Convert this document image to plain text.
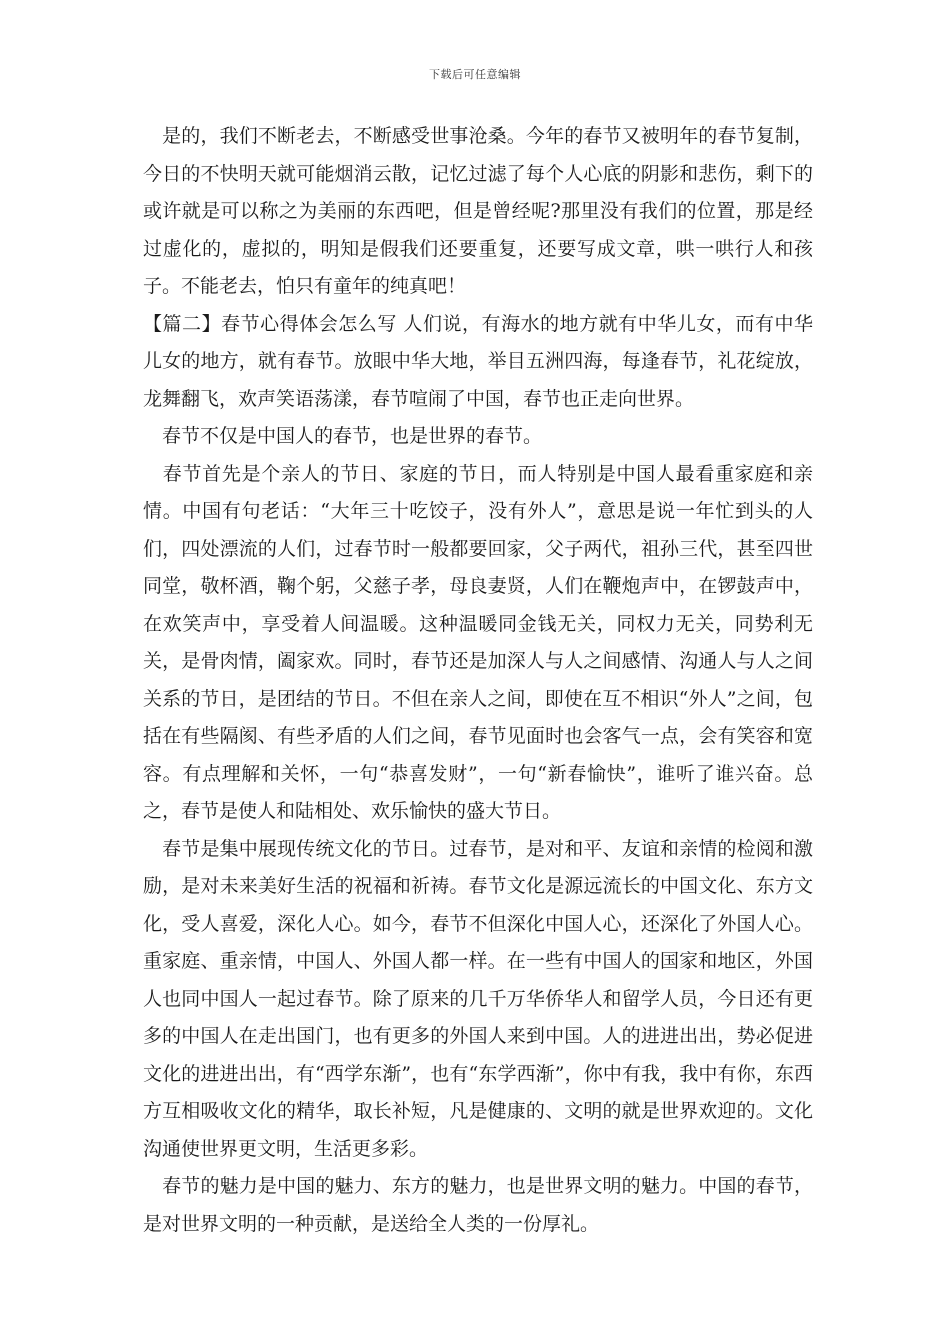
下载后可任意编辑

　是的，我们不断老去，不断感受世事沧桑。今年的春节又被明年的春节复制，今日的不快明天就可能烟消云散，记忆过滤了每个人心底的阴影和悲伤，剩下的或许就是可以称之为美丽的东西吧，但是曾经呢?那里没有我们的位置，那是经过虚化的，虚拟的，明知是假我们还要重复，还要写成文章，哄一哄行人和孩子。不能老去，怕只有童年的纯真吧！

【篇二】春节心得体会怎么写 人们说，有海水的地方就有中华儿女，而有中华儿女的地方，就有春节。放眼中华大地，举目五洲四海，每逢春节，礼花绽放，龙舞翻飞，欢声笑语荡漾，春节喧闹了中国，春节也正走向世界。

　春节不仅是中国人的春节，也是世界的春节。

　春节首先是个亲人的节日、家庭的节日，而人特别是中国人最看重家庭和亲情。中国有句老话：“大年三十吃饺子，没有外人”，意思是说一年忙到头的人们，四处漂流的人们，过春节时一般都要回家，父子两代，祖孙三代，甚至四世同堂，敬杯酒，鞠个躬，父慈子孝，母良妻贤，人们在鞭炮声中，在锣鼓声中，在欢笑声中，享受着人间温暖。这种温暖同金钱无关，同权力无关，同势利无关，是骨肉情，阖家欢。同时，春节还是加深人与人之间感情、沟通人与人之间关系的节日，是团结的节日。不但在亲人之间，即使在互不相识“外人”之间，包括在有些隔阂、有些矛盾的人们之间，春节见面时也会客气一点，会有笑容和宽容。有点理解和关怀，一句“恭喜发财”，一句“新春愉快”，谁听了谁兴奋。总之，春节是使人和陆相处、欢乐愉快的盛大节日。

　春节是集中展现传统文化的节日。过春节，是对和平、友谊和亲情的检阅和激励，是对未来美好生活的祝福和祈祷。春节文化是源远流长的中国文化、东方文化，受人喜爱，深化人心。如今，春节不但深化中国人心，还深化了外国人心。重家庭、重亲情，中国人、外国人都一样。在一些有中国人的国家和地区，外国人也同中国人一起过春节。除了原来的几千万华侨华人和留学人员，今日还有更多的中国人在走出国门，也有更多的外国人来到中国。人的进进出出，势必促进文化的进进出出，有“西学东渐”，也有“东学西渐”，你中有我，我中有你，东西方互相吸收文化的精华，取长补短，凡是健康的、文明的就是世界欢迎的。文化沟通使世界更文明，生活更多彩。

　春节的魅力是中国的魅力、东方的魅力，也是世界文明的魅力。中国的春节，是对世界文明的一种贡献，是送给全人类的一份厚礼。
